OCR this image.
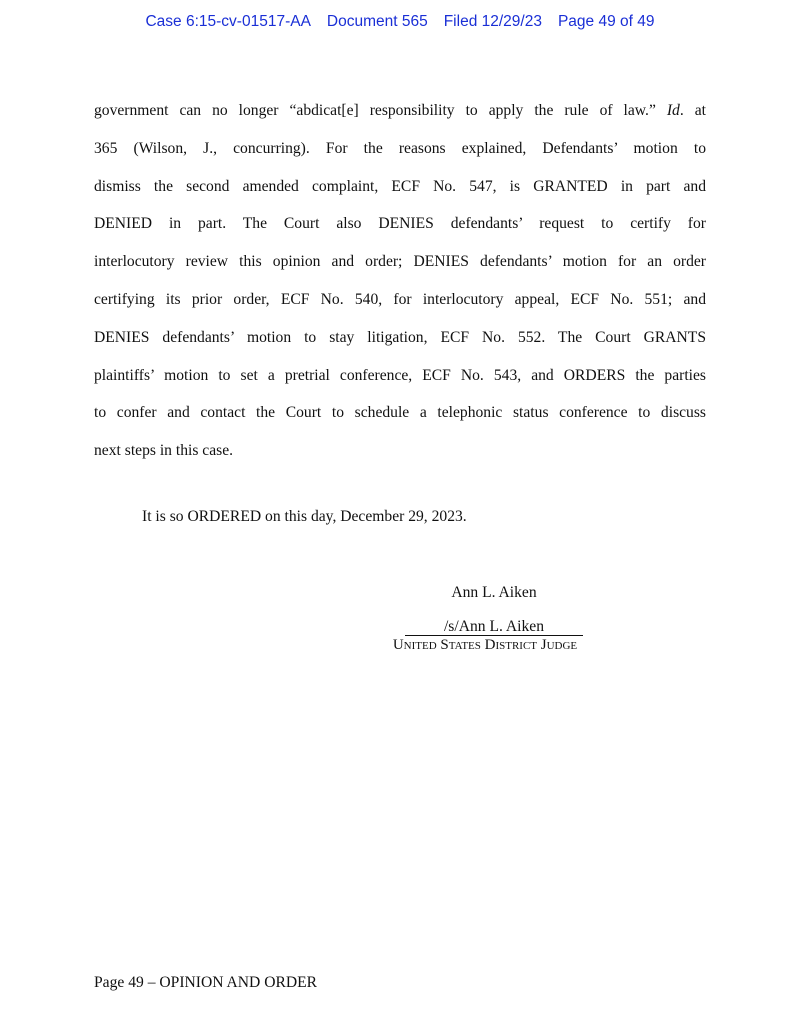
Case 6:15-cv-01517-AA Document 565 Filed 12/29/23 Page 49 of 49
government can no longer “abdicat[e] responsibility to apply the rule of law.” Id. at
365 (Wilson, J., concurring). For the reasons explained, Defendants’ motion to
dismiss the second amended complaint, ECF No. 547, is GRANTED in part and
DENIED in part. The Court also DENIES defendants’ request to certify for
interlocutory review this opinion and order; DENIES defendants’ motion for an order
certifying its prior order, ECF No. 540, for interlocutory appeal, ECF No. 551; and
DENIES defendants’ motion to stay litigation, ECF No. 552. The Court GRANTS
plaintiffs’ motion to set a pretrial conference, ECF No. 543, and ORDERS the parties
to confer and contact the Court to schedule a telephonic status conference to discuss
next steps in this case.
It is so ORDERED on this day, December 29, 2023.
Ann L. Aiken
/s/Ann L. Aiken
United States District Judge
Page 49 – OPINION AND ORDER
